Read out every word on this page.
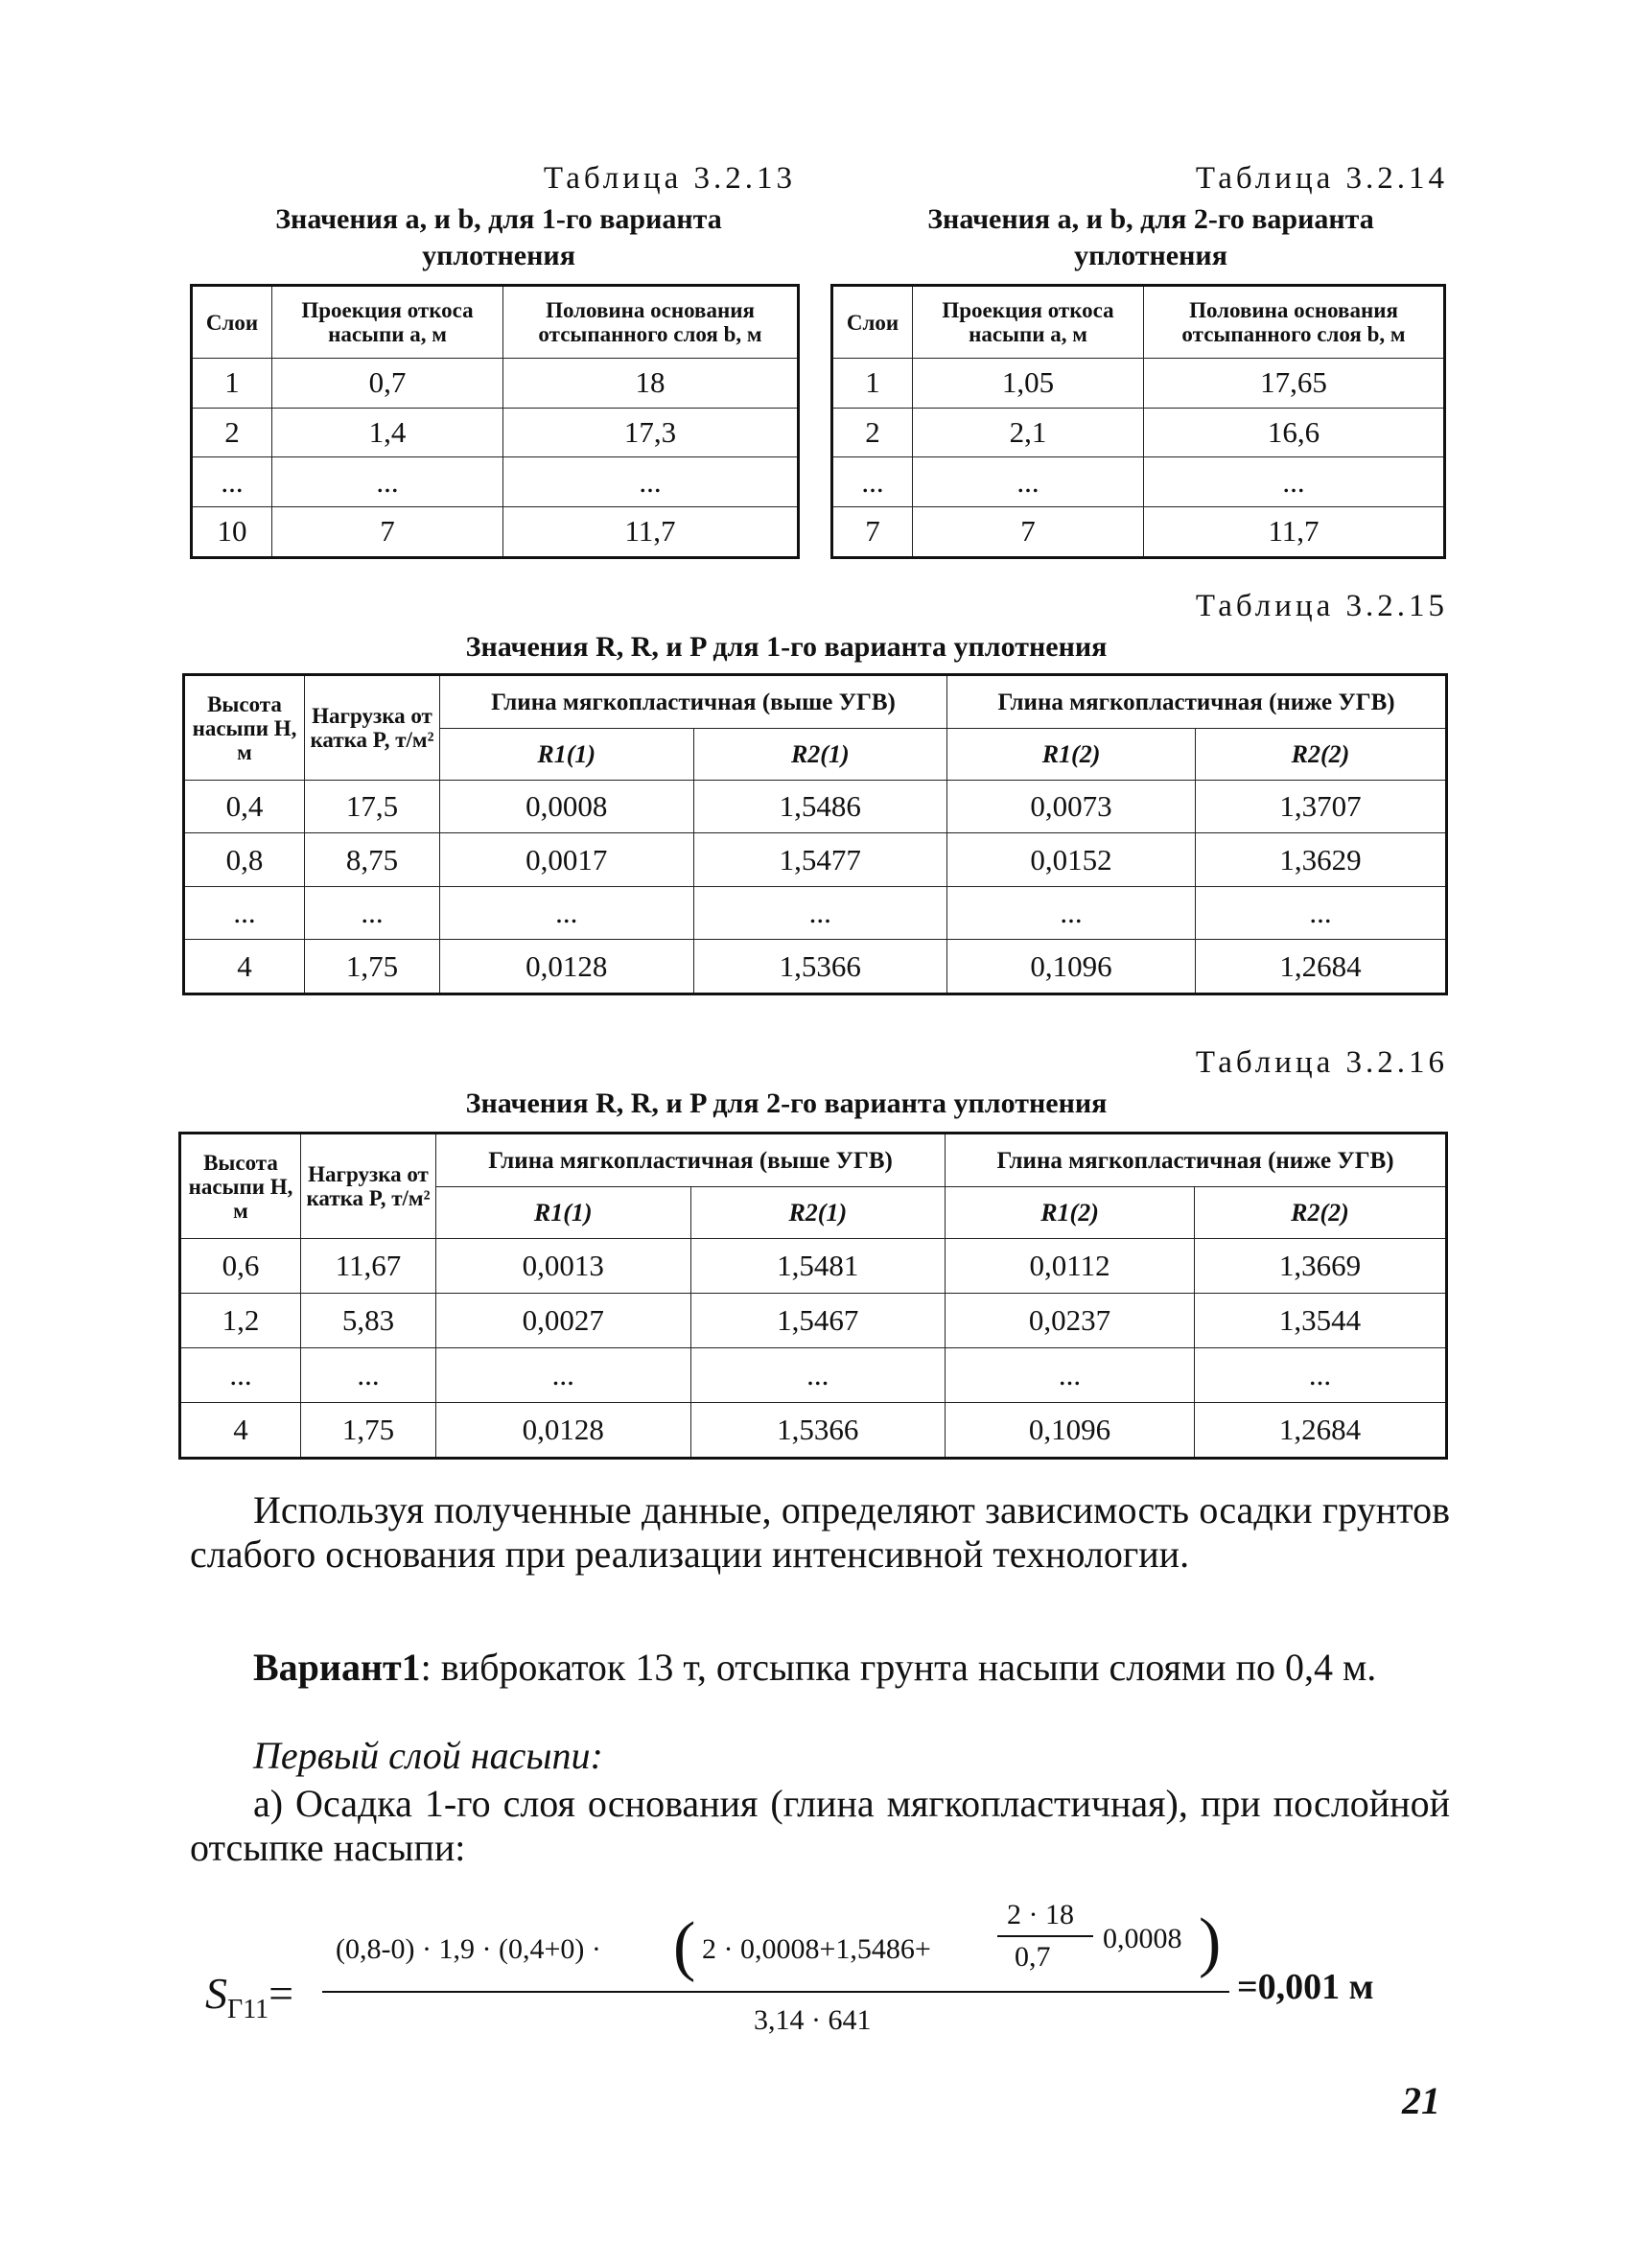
Таблица 3.2.13
Значения a, и b, для 1-го варианта уплотнения
Слои	Проекция откоса насыпи a, м	Половина основания отсыпанного слоя b, м
1	0,7	18
2	1,4	17,3
...	...	...
10	7	11,7
Таблица 3.2.14
Значения a, и b, для 2-го варианта уплотнения
Слои	Проекция откоса насыпи a, м	Половина основания отсыпанного слоя b, м
1	1,05	17,65
2	2,1	16,6
...	...	...
7	7	11,7
Таблица 3.2.15
Значения R, R, и P для 1-го варианта уплотнения
Высота насыпи H, м	Нагрузка от катка P, т/м²	Глина мягкопластичная (выше УГВ)		Глина мягкопластичная (ниже УГВ)	
		R1(1)	R2(1)	R1(2)	R2(2)
0,4	17,5	0,0008	1,5486	0,0073	1,3707
0,8	8,75	0,0017	1,5477	0,0152	1,3629
...	...	...	...	...	...
4	1,75	0,0128	1,5366	0,1096	1,2684
Таблица 3.2.16
Значения R, R, и P для 2-го варианта уплотнения
Высота насыпи H, м	Нагрузка от катка P, т/м²	Глина мягкопластичная (выше УГВ)		Глина мягкопластичная (ниже УГВ)	
		R1(1)	R2(1)	R1(2)	R2(2)
0,6	11,67	0,0013	1,5481	0,0112	1,3669
1,2	5,83	0,0027	1,5467	0,0237	1,3544
...	...	...	...	...	...
4	1,75	0,0128	1,5366	0,1096	1,2684
Используя полученные данные, определяют зависимость осадки грунтов слабого основания при реализации интенсивной технологии.
Вариант1: виброкаток 13 т, отсыпка грунта насыпи слоями по 0,4 м.
Первый слой насыпи:
а) Осадка 1-го слоя основания (глина мягкопластичная), при послойной отсыпке насыпи:
$S_{Г11}=$
(0,8-0) · 1,9 · (0,4+0) · ( 2 · 0,0008+1,5486+
2 · 18
0,7
0,0008 )
3,14 · 641
=0,001 м
21
